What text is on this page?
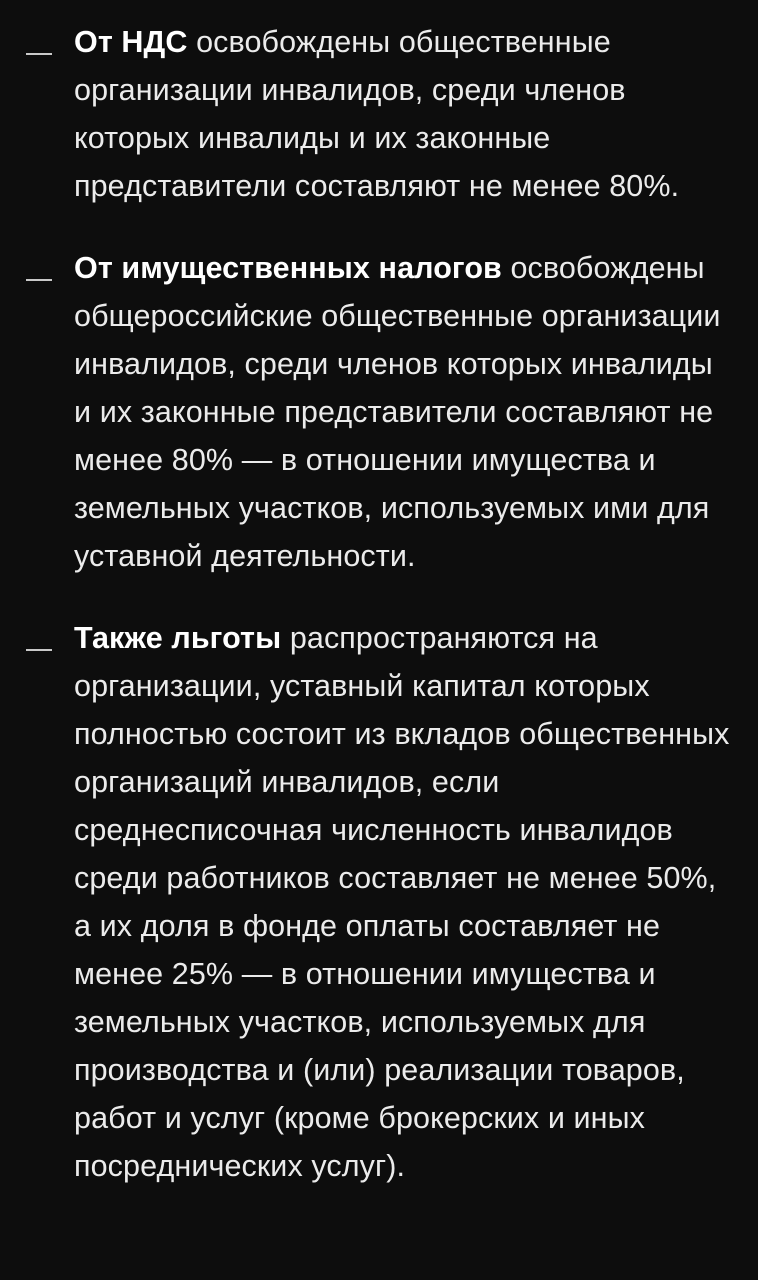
От НДС освобождены общественные организации инвалидов, среди членов которых инвалиды и их законные представители составляют не менее 80%.
От имущественных налогов освобождены общероссийские общественные организации инвалидов, среди членов которых инвалиды и их законные представители составляют не менее 80% — в отношении имущества и земельных участков, используемых ими для уставной деятельности.
Также льготы распространяются на организации, уставный капитал которых полностью состоит из вкладов общественных организаций инвалидов, если среднесписочная численность инвалидов среди работников составляет не менее 50%, а их доля в фонде оплаты составляет не менее 25% — в отношении имущества и земельных участков, используемых для производства и (или) реализации товаров, работ и услуг (кроме брокерских и иных посреднических услуг).
